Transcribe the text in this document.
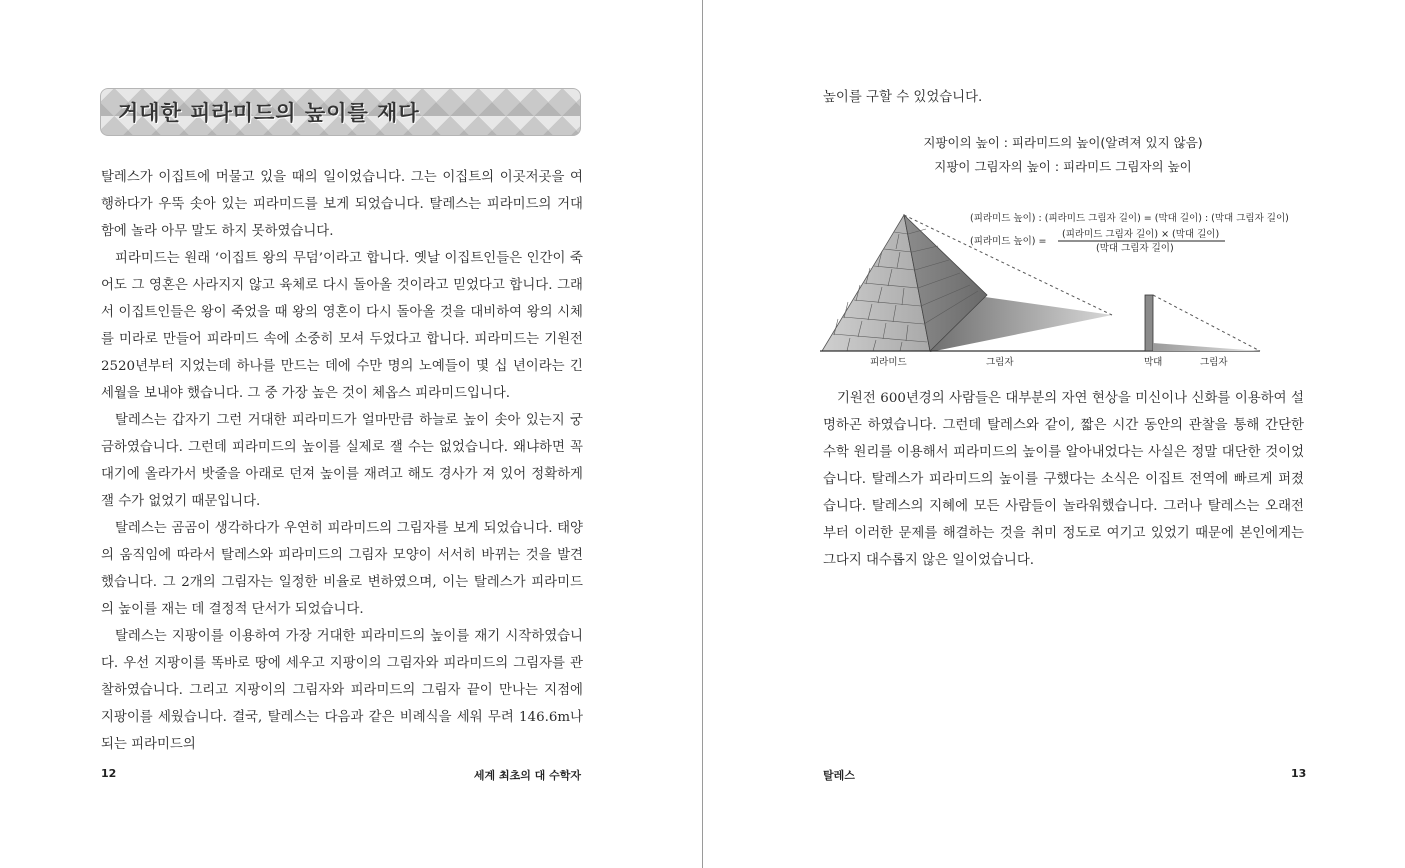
거대한 피라미드의 높이를 재다

탈레스가 이집트에 머물고 있을 때의 일이었습니다. 그는 이집트의 이곳저곳을 여행하다가 우뚝 솟아 있는 피라미드를 보게 되었습니다. 탈레스는 피라미드의 거대함에 놀라 아무 말도 하지 못하였습니다.

피라미드는 원래 ‘이집트 왕의 무덤’이라고 합니다. 옛날 이집트인들은 인간이 죽어도 그 영혼은 사라지지 않고 육체로 다시 돌아올 것이라고 믿었다고 합니다. 그래서 이집트인들은 왕이 죽었을 때 왕의 영혼이 다시 돌아올 것을 대비하여 왕의 시체를 미라로 만들어 피라미드 속에 소중히 모셔 두었다고 합니다. 피라미드는 기원전 2520년부터 지었는데 하나를 만드는 데에 수만 명의 노예들이 몇 십 년이라는 긴 세월을 보내야 했습니다. 그 중 가장 높은 것이 체옵스 피라미드입니다.

탈레스는 갑자기 그런 거대한 피라미드가 얼마만큼 하늘로 높이 솟아 있는지 궁금하였습니다. 그런데 피라미드의 높이를 실제로 잴 수는 없었습니다. 왜냐하면 꼭대기에 올라가서 밧줄을 아래로 던져 높이를 재려고 해도 경사가 져 있어 정확하게 잴 수가 없었기 때문입니다.

탈레스는 곰곰이 생각하다가 우연히 피라미드의 그림자를 보게 되었습니다. 태양의 움직임에 따라서 탈레스와 피라미드의 그림자 모양이 서서히 바뀌는 것을 발견했습니다. 그 2개의 그림자는 일정한 비율로 변하였으며, 이는 탈레스가 피라미드의 높이를 재는 데 결정적 단서가 되었습니다.

탈레스는 지팡이를 이용하여 가장 거대한 피라미드의 높이를 재기 시작하였습니다. 우선 지팡이를 똑바로 땅에 세우고 지팡이의 그림자와 피라미드의 그림자를 관찰하였습니다. 그리고 지팡이의 그림자와 피라미드의 그림자 끝이 만나는 지점에 지팡이를 세웠습니다. 결국, 탈레스는 다음과 같은 비례식을 세워 무려 146.6m나 되는 피라미드의

12	세계 최초의 대 수학자
높이를 구할 수 있었습니다.
지팡이의 높이 : 피라미드의 높이(알려져 있지 않음)
지팡이 그림자의 높이 : 피라미드 그림자의 높이
(피라미드 높이) : (피라미드 그림자 길이) = (막대 길이) : (막대 그림자 길이)
(피라미드 높이) =
(피라미드 그림자 길이) × (막대 길이)
(막대 그림자 길이)
피라미드	그림자	막대	그림자

기원전 600년경의 사람들은 대부분의 자연 현상을 미신이나 신화를 이용하여 설명하곤 하였습니다. 그런데 탈레스와 같이, 짧은 시간 동안의 관찰을 통해 간단한 수학 원리를 이용해서 피라미드의 높이를 알아내었다는 사실은 정말 대단한 것이었습니다. 탈레스가 피라미드의 높이를 구했다는 소식은 이집트 전역에 빠르게 퍼졌습니다. 탈레스의 지혜에 모든 사람들이 놀라워했습니다. 그러나 탈레스는 오래전부터 이러한 문제를 해결하는 것을 취미 정도로 여기고 있었기 때문에 본인에게는 그다지 대수롭지 않은 일이었습니다.

탈레스	13
